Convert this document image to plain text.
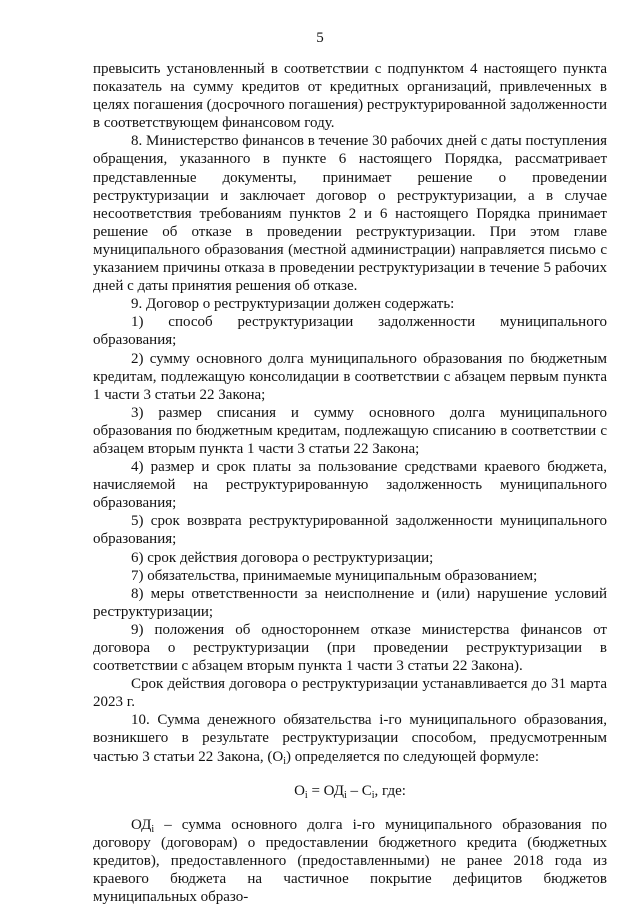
5

превысить установленный в соответствии с подпунктом 4 настоящего пункта показатель на сумму кредитов от кредитных организаций, привлеченных в целях погашения (досрочного погашения) реструктурированной задолженности в соответствующем финансовом году.

8. Министерство финансов в течение 30 рабочих дней с даты поступления обращения, указанного в пункте 6 настоящего Порядка, рассматривает представленные документы, принимает решение о проведении реструктуризации и заключает договор о реструктуризации, а в случае несоответствия требованиям пунктов 2 и 6 настоящего Порядка принимает решение об отказе в проведении реструктуризации. При этом главе муниципального образования (местной администрации) направляется письмо с указанием причины отказа в проведении реструктуризации в течение 5 рабочих дней с даты принятия решения об отказе.

9. Договор о реструктуризации должен содержать:

1) способ реструктуризации задолженности муниципального образования;

2) сумму основного долга муниципального образования по бюджетным кредитам, подлежащую консолидации в соответствии с абзацем первым пункта 1 части 3 статьи 22 Закона;

3) размер списания и сумму основного долга муниципального образования по бюджетным кредитам, подлежащую списанию в соответствии с абзацем вторым пункта 1 части 3 статьи 22 Закона;

4) размер и срок платы за пользование средствами краевого бюджета, начисляемой на реструктурированную задолженность муниципального образования;

5) срок возврата реструктурированной задолженности муниципального образования;

6) срок действия договора о реструктуризации;

7) обязательства, принимаемые муниципальным образованием;

8) меры ответственности за неисполнение и (или) нарушение условий реструктуризации;

9) положения об одностороннем отказе министерства финансов от договора о реструктуризации (при проведении реструктуризации в соответствии с абзацем вторым пункта 1 части 3 статьи 22 Закона).

Срок действия договора о реструктуризации устанавливается до 31 марта 2023 г.

10. Сумма денежного обязательства i-го муниципального образования, возникшего в результате реструктуризации способом, предусмотренным частью 3 статьи 22 Закона, $(O_i)$ определяется по следующей формуле:

$O_i = ОД_i - C_i$, где:

$ОД_i$ – сумма основного долга i-го муниципального образования по договору (договорам) о предоставлении бюджетного кредита (бюджетных кредитов), предоставленного (предоставленными) не ранее 2018 года из краевого бюджета на частичное покрытие дефицитов бюджетов муниципальных образо-
